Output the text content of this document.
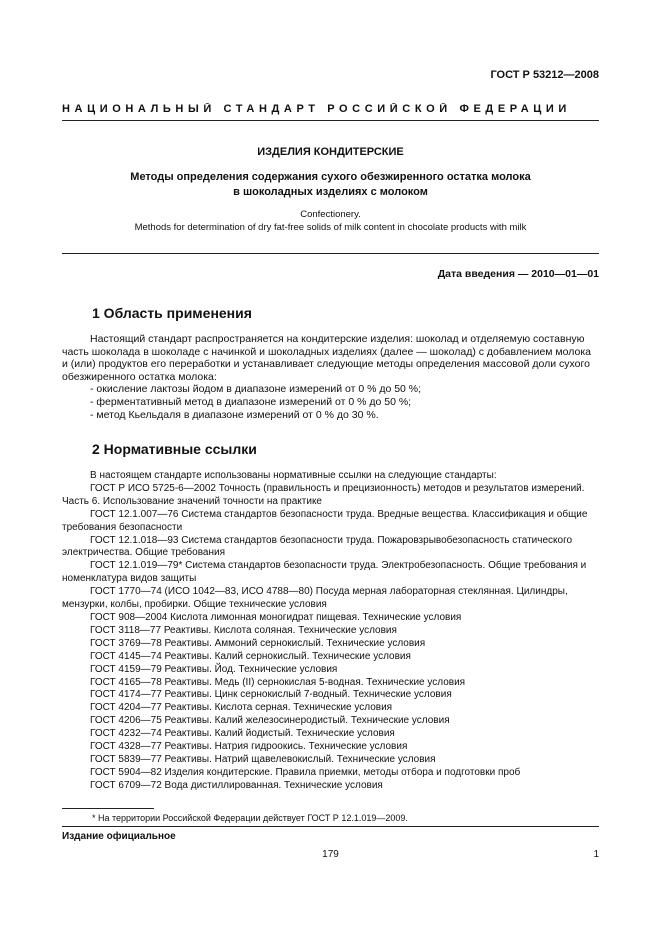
ГОСТ Р 53212—2008
НАЦИОНАЛЬНЫЙ СТАНДАРТ РОССИЙСКОЙ ФЕДЕРАЦИИ
ИЗДЕЛИЯ КОНДИТЕРСКИЕ
Методы определения содержания сухого обезжиренного остатка молока
в шоколадных изделиях с молоком
Confectionery.
Methods for determination of dry fat-free solids of milk content in chocolate products with milk
Дата введения — 2010—01—01
1 Область применения

Настоящий стандарт распространяется на кондитерские изделия: шоколад и отделяемую составную часть шоколада в шоколаде с начинкой и шоколадных изделиях (далее — шоколад) с добавлением молока и (или) продуктов его переработки и устанавливает следующие методы определения массовой доли сухого обезжиренного остатка молока:

- окисление лактозы йодом в диапазоне измерений от 0 % до 50 %;

- ферментативный метод в диапазоне измерений от 0 % до 50 %;

- метод Кьельдаля в диапазоне измерений от 0 % до 30 %.

2 Нормативные ссылки
В настоящем стандарте использованы нормативные ссылки на следующие стандарты:
ГОСТ Р ИСО 5725-6—2002 Точность (правильность и прецизионность) методов и результатов измерений. Часть 6. Использование значений точности на практике
ГОСТ 12.1.007—76 Система стандартов безопасности труда. Вредные вещества. Классификация и общие требования безопасности
ГОСТ 12.1.018—93 Система стандартов безопасности труда. Пожаровзрывобезопасность статического электричества. Общие требования
ГОСТ 12.1.019—79* Система стандартов безопасности труда. Электробезопасность. Общие требования и номенклатура видов защиты
ГОСТ 1770—74 (ИСО 1042—83, ИСО 4788—80) Посуда мерная лабораторная стеклянная. Цилиндры, мензурки, колбы, пробирки. Общие технические условия
ГОСТ 908—2004 Кислота лимонная моногидрат пищевая. Технические условия
ГОСТ 3118—77 Реактивы. Кислота соляная. Технические условия
ГОСТ 3769—78 Реактивы. Аммоний сернокислый. Технические условия
ГОСТ 4145—74 Реактивы. Калий сернокислый. Технические условия
ГОСТ 4159—79 Реактивы. Йод. Технические условия
ГОСТ 4165—78 Реактивы. Медь (II) сернокислая 5-водная. Технические условия
ГОСТ 4174—77 Реактивы. Цинк сернокислый 7-водный. Технические условия
ГОСТ 4204—77 Реактивы. Кислота серная. Технические условия
ГОСТ 4206—75 Реактивы. Калий железосинеродистый. Технические условия
ГОСТ 4232—74 Реактивы. Калий йодистый. Технические условия
ГОСТ 4328—77 Реактивы. Натрия гидроокись. Технические условия
ГОСТ 5839—77 Реактивы. Натрий щавелевокислый. Технические условия
ГОСТ 5904—82 Изделия кондитерские. Правила приемки, методы отбора и подготовки проб
ГОСТ 6709—72 Вода дистиллированная. Технические условия
* На территории Российской Федерации действует ГОСТ Р 12.1.019—2009.
Издание официальное
179	1
